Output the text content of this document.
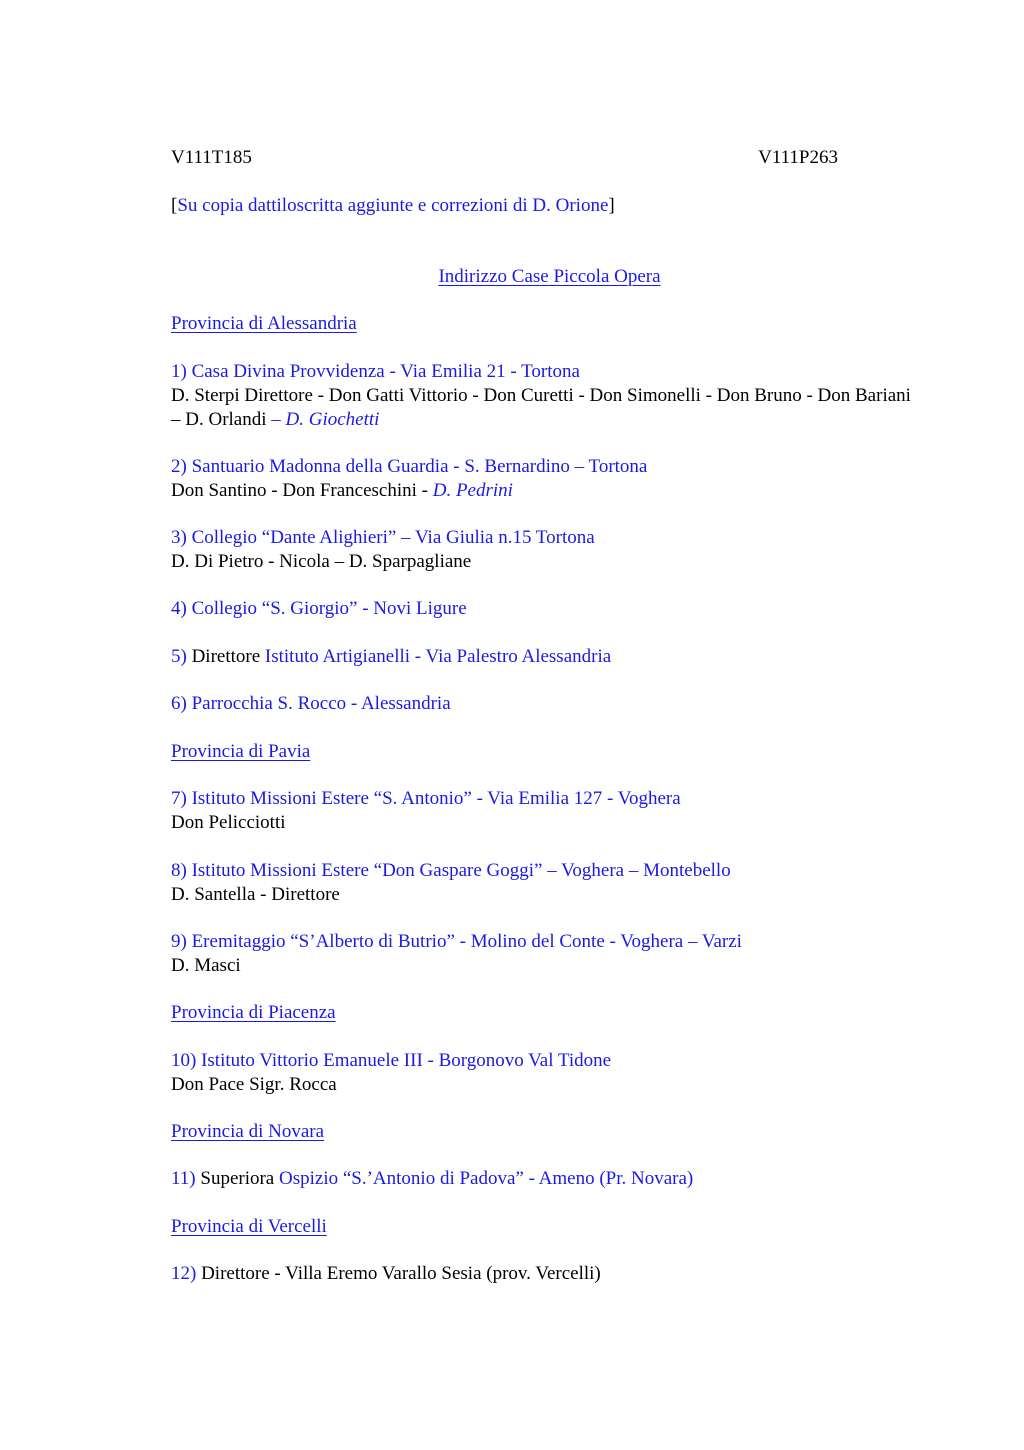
V111T185	V111P263
[Su copia dattiloscritta aggiunte e correzioni di D. Orione]
Indirizzo Case Piccola Opera
Provincia di Alessandria
1) Casa Divina Provvidenza - Via Emilia 21 - Tortona
D. Sterpi Direttore - Don Gatti Vittorio - Don Curetti - Don Simonelli - Don Bruno - Don Bariani – D. Orlandi – D. Giochetti
2) Santuario Madonna della Guardia - S. Bernardino – Tortona
Don Santino - Don Franceschini - D. Pedrini
3) Collegio “Dante Alighieri” – Via Giulia n.15 Tortona
D. Di Pietro - Nicola – D. Sparpagliane
4) Collegio “S. Giorgio” - Novi Ligure
5) Direttore Istituto Artigianelli - Via Palestro Alessandria
6) Parrocchia S. Rocco - Alessandria
Provincia di Pavia
7) Istituto Missioni Estere “S. Antonio” - Via Emilia 127 - Voghera
Don Pelicciotti
8) Istituto Missioni Estere “Don Gaspare Goggi” – Voghera – Montebello
D. Santella - Direttore
9) Eremitaggio “S’Alberto di Butrio” - Molino del Conte - Voghera – Varzi
D. Masci
Provincia di Piacenza
10) Istituto Vittorio Emanuele III - Borgonovo Val Tidone
Don Pace Sigr. Rocca
Provincia di Novara
11) Superiora Ospizio “S.’Antonio di Padova” - Ameno (Pr. Novara)
Provincia di Vercelli
12) Direttore - Villa Eremo Varallo Sesia (prov. Vercelli)
